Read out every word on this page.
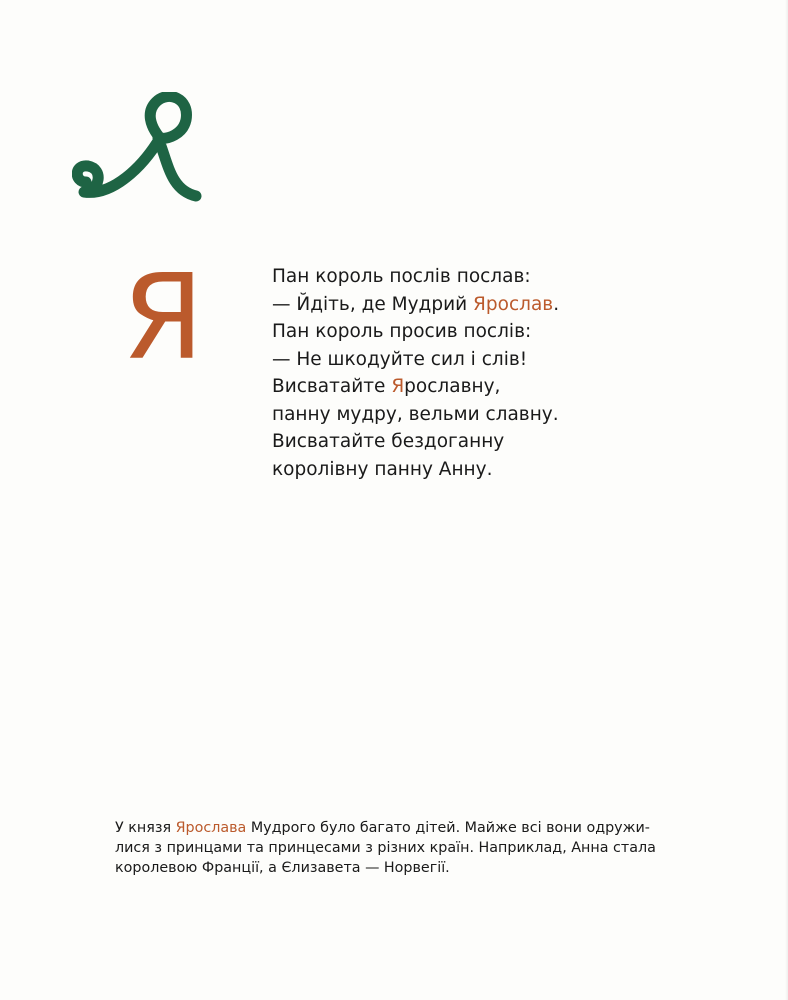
Я	Пан король послів послав:
— Йдіть, де Мудрий Ярослав.
Пан король просив послів:
— Не шкодуйте сил і слів!
Висватайте Ярославну,
панну мудру, вельми славну.
Висватайте бездоганну
королівну панну Анну.
У князя Ярослава Мудрого було багато дітей. Майже всі вони одружи-
лися з принцами та принцесами з різних країн. Наприклад, Анна стала
королевою Франції, а Єлизавета — Норвегії.
